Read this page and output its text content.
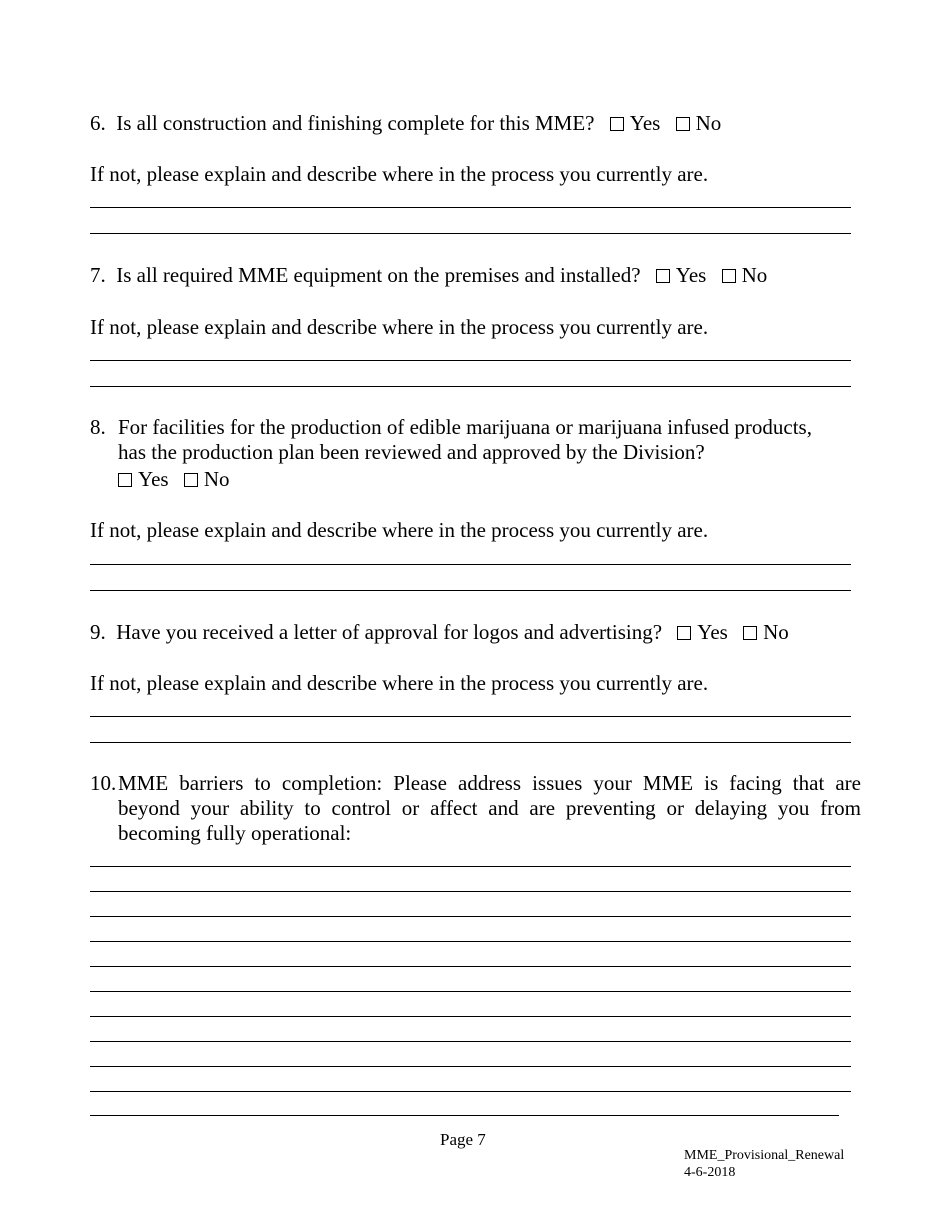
6. Is all construction and finishing complete for this MME? Yes No
If not, please explain and describe where in the process you currently are.
7. Is all required MME equipment on the premises and installed? Yes No
If not, please explain and describe where in the process you currently are.
8. For facilities for the production of edible marijuana or marijuana infused products,
has the production plan been reviewed and approved by the Division?
Yes No
If not, please explain and describe where in the process you currently are.
9. Have you received a letter of approval for logos and advertising? Yes No
If not, please explain and describe where in the process you currently are.
10. MME barriers to completion: Please address issues your MME is facing that are
beyond your ability to control or affect and are preventing or delaying you from
becoming fully operational:
Page 7
MME_Provisional_Renewal
4-6-2018
